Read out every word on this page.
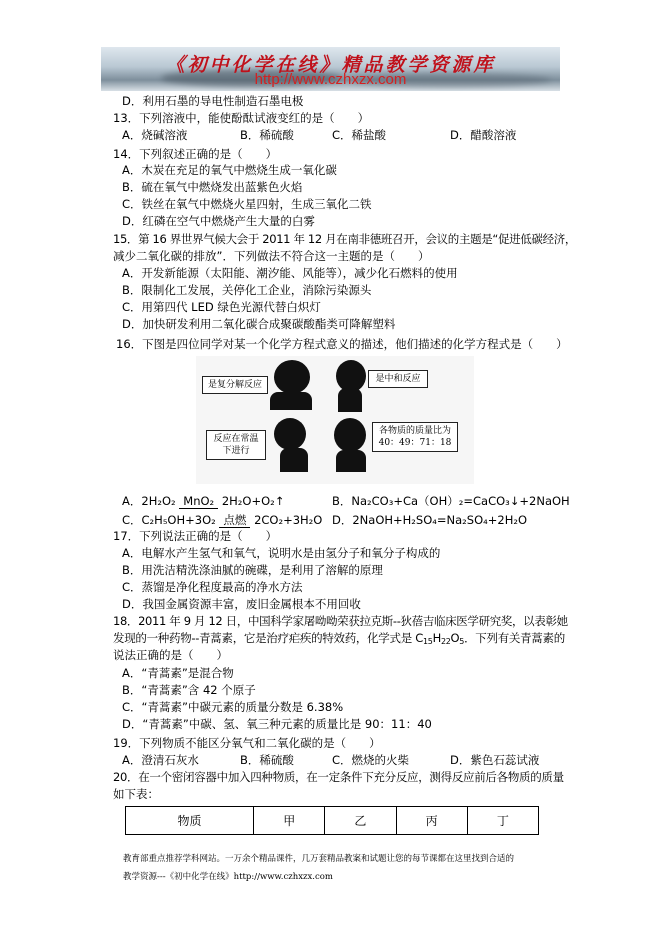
《初中化学在线》精品教学资源库
http://www.czhxzx.com
D．利用石墨的导电性制造石墨电极
13．下列溶液中，能使酚酞试液变红的是（　　）
A．烧碱溶液	B．稀硫酸	C．稀盐酸	D．醋酸溶液
14．下列叙述正确的是（　　）
A．木炭在充足的氧气中燃烧生成一氧化碳
B．硫在氧气中燃烧发出蓝紫色火焰
C．铁丝在氧气中燃烧火星四射，生成三氧化二铁
D．红磷在空气中燃烧产生大量的白雾
15．第 16 界世界气候大会于 2011 年 12 月在南非德班召开，会议的主题是“促进低碳经济，
减少二氧化碳的排放”．下列做法不符合这一主题的是（　　）
A．开发新能源（太阳能、潮汐能、风能等），减少化石燃料的使用
B．限制化工发展，关停化工企业，消除污染源头
C．用第四代 LED 绿色光源代替白炽灯
D．加快研发利用二氧化碳合成聚碳酸酯类可降解塑料
16．下图是四位同学对某一个化学方程式意义的描述，他们描述的化学方程式是（　　）
是复分解反应
是中和反应
反应在常温下进行
各物质的质量比为
40：49：71：18
A．2H₂O₂ MnO₂ 2H₂O+O₂↑	B．Na₂CO₃+Ca（OH）₂=CaCO₃↓+2NaOH
C．C₂H₅OH+3O₂ 点燃 2CO₂+3H₂O D．2NaOH+H₂SO₄=Na₂SO₄+2H₂O
17．下列说法正确的是（　　）
A．电解水产生氢气和氧气，说明水是由氢分子和氧分子构成的
B．用洗洁精洗涤油腻的碗碟，是利用了溶解的原理
C．蒸馏是净化程度最高的净水方法
D．我国金属资源丰富，废旧金属根本不用回收
18．2011 年 9 月 12 日，中国科学家屠呦呦荣获拉克斯--狄蓓吉临床医学研究奖，以表彰她
发现的一种药物--青蒿素，它是治疗疟疾的特效药，化学式是 $C_{15}H_{22}O_5$．下列有关青蒿素的
说法正确的是（　　）
A．“青蒿素”是混合物
B．“青蒿素”含 42 个原子
C．“青蒿素”中碳元素的质量分数是 6.38%
D．“青蒿素”中碳、氢、氧三种元素的质量比是 90：11：40
19．下列物质不能区分氧气和二氧化碳的是（　　）
A．澄清石灰水	B．稀硫酸	C．燃烧的火柴	D．紫色石蕊试液
20．在一个密闭容器中加入四种物质，在一定条件下充分反应，测得反应前后各物质的质量
如下表：
物质	甲	乙	丙	丁
教育部重点推荐学科网站。一万余个精品课件，几万套精品教案和试题让您的每节课都在这里找到合适的
教学资源---《初中化学在线》http://www.czhxzx.com
